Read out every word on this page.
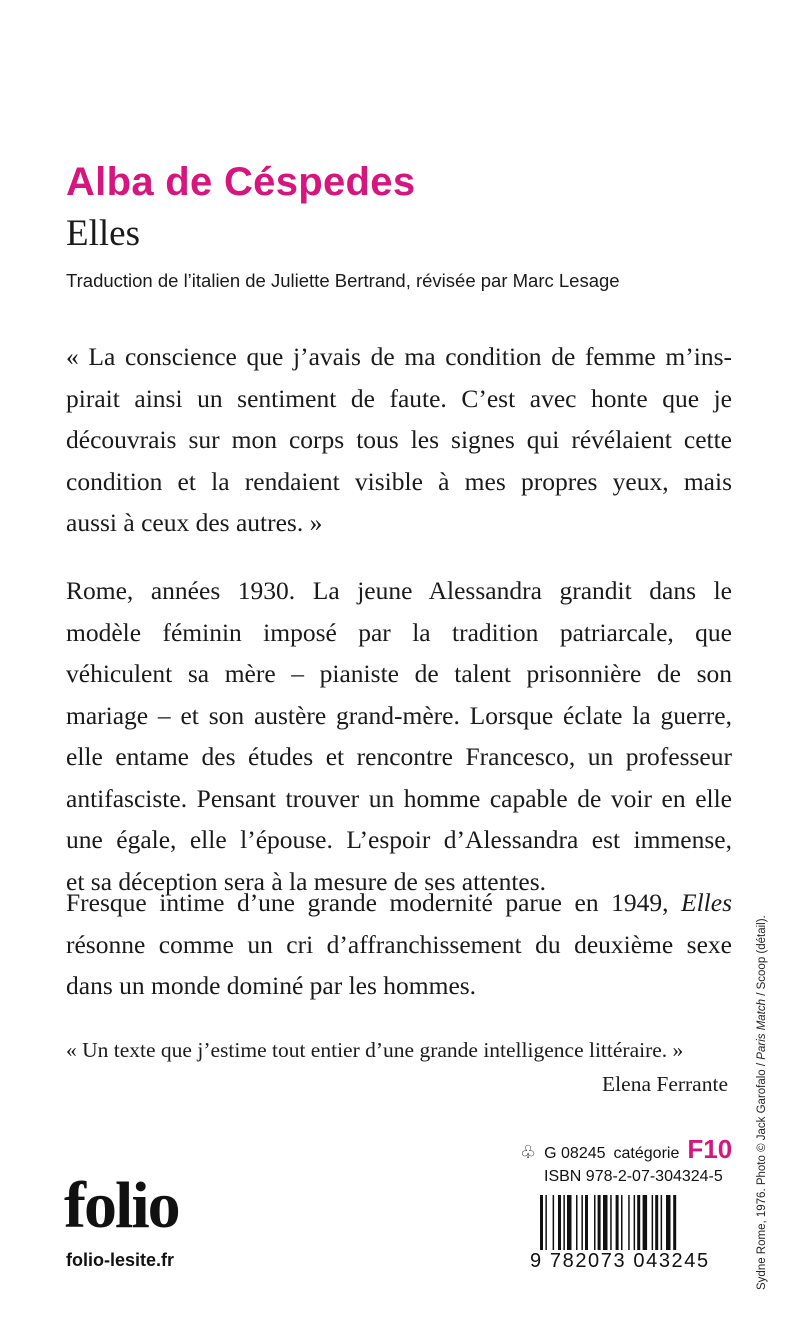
Alba de Céspedes
Elles
Traduction de l’italien de Juliette Bertrand, révisée par Marc Lesage
« La conscience que j’avais de ma condition de femme m’ins-
pirait ainsi un sentiment de faute. C’est avec honte que je
découvrais sur mon corps tous les signes qui révélaient cette
condition et la rendaient visible à mes propres yeux, mais
aussi à ceux des autres. »
Rome, années 1930. La jeune Alessandra grandit dans le
modèle féminin imposé par la tradition patriarcale, que
véhiculent sa mère – pianiste de talent prisonnière de son
mariage – et son austère grand-mère. Lorsque éclate la guerre,
elle entame des études et rencontre Francesco, un professeur
antifasciste. Pensant trouver un homme capable de voir en elle
une égale, elle l’épouse. L’espoir d’Alessandra est immense,
et sa déception sera à la mesure de ses attentes.
Fresque intime d’une grande modernité parue en 1949, Elles
résonne comme un cri d’affranchissement du deuxième sexe
dans un monde dominé par les hommes.
« Un texte que j’estime tout entier d’une grande intelligence littéraire. »
Elena Ferrante
♧ G 08245 catégorie F10
ISBN 978-2-07-304324-5
9 782073 043245
folio
folio-lesite.fr	Sydne Rome, 1976. Photo © Jack Garofalo / Paris Match / Scoop (détail).
